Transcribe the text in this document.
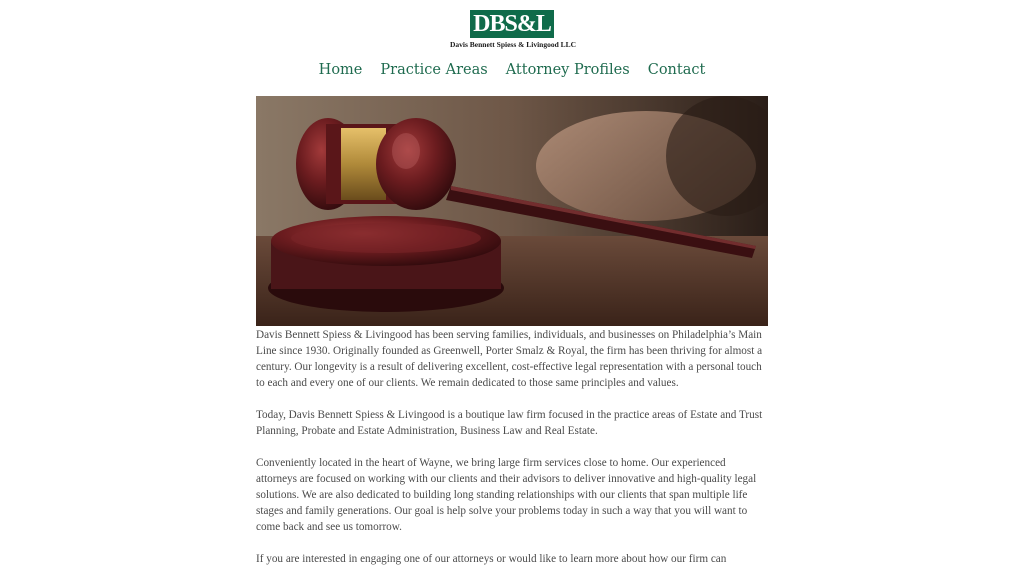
DBS&L
Davis Bennett Spiess & Livingood LLC
Home Practice Areas Attorney Profiles Contact

Davis Bennett Spiess & Livingood has been serving families, individuals, and businesses on Philadelphia’s Main Line since 1930. Originally founded as Greenwell, Porter Smalz & Royal, the firm has been thriving for almost a century. Our longevity is a result of delivering excellent, cost-effective legal representation with a personal touch to each and every one of our clients. We remain dedicated to those same principles and values.

Today, Davis Bennett Spiess & Livingood is a boutique law firm focused in the practice areas of Estate and Trust Planning, Probate and Estate Administration, Business Law and Real Estate.

Conveniently located in the heart of Wayne, we bring large firm services close to home. Our experienced attorneys are focused on working with our clients and their advisors to deliver innovative and high-quality legal solutions. We are also dedicated to building long standing relationships with our clients that span multiple life stages and family generations. Our goal is help solve your problems today in such a way that you will want to come back and see us tomorrow.

If you are interested in engaging one of our attorneys or would like to learn more about how our firm can
